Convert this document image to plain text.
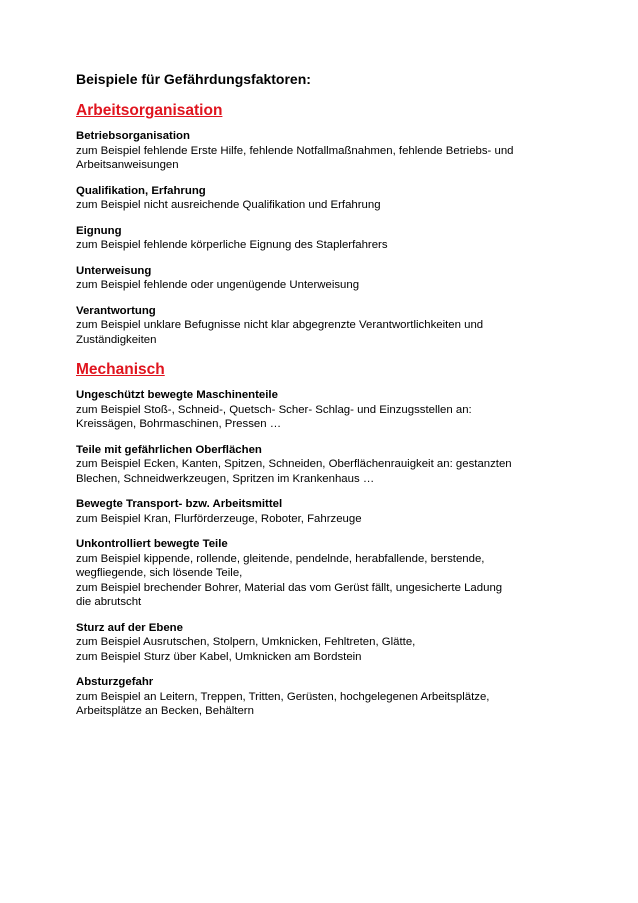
Beispiele für Gefährdungsfaktoren:
Arbeitsorganisation
Betriebsorganisation
zum Beispiel fehlende Erste Hilfe, fehlende Notfallmaßnahmen, fehlende Betriebs- und
Arbeitsanweisungen
Qualifikation, Erfahrung
zum Beispiel nicht ausreichende Qualifikation und Erfahrung
Eignung
zum Beispiel fehlende körperliche Eignung des Staplerfahrers
Unterweisung
zum Beispiel fehlende oder ungenügende Unterweisung
Verantwortung
zum Beispiel unklare Befugnisse nicht klar abgegrenzte Verantwortlichkeiten und
Zuständigkeiten
Mechanisch
Ungeschützt bewegte Maschinenteile
zum Beispiel Stoß-, Schneid-, Quetsch- Scher- Schlag- und Einzugsstellen an:
Kreissägen, Bohrmaschinen, Pressen …
Teile mit gefährlichen Oberflächen
zum Beispiel Ecken, Kanten, Spitzen, Schneiden, Oberflächenrauigkeit an: gestanzten
Blechen, Schneidwerkzeugen, Spritzen im Krankenhaus …
Bewegte Transport- bzw. Arbeitsmittel
zum Beispiel Kran, Flurförderzeuge, Roboter, Fahrzeuge
Unkontrolliert bewegte Teile
zum Beispiel kippende, rollende, gleitende, pendelnde, herabfallende, berstende,
wegfliegende, sich lösende Teile,
zum Beispiel brechender Bohrer, Material das vom Gerüst fällt, ungesicherte Ladung
die abrutscht
Sturz auf der Ebene
zum Beispiel Ausrutschen, Stolpern, Umknicken, Fehltreten, Glätte,
zum Beispiel Sturz über Kabel, Umknicken am Bordstein
Absturzgefahr
zum Beispiel an Leitern, Treppen, Tritten, Gerüsten, hochgelegenen Arbeitsplätze,
Arbeitsplätze an Becken, Behältern
